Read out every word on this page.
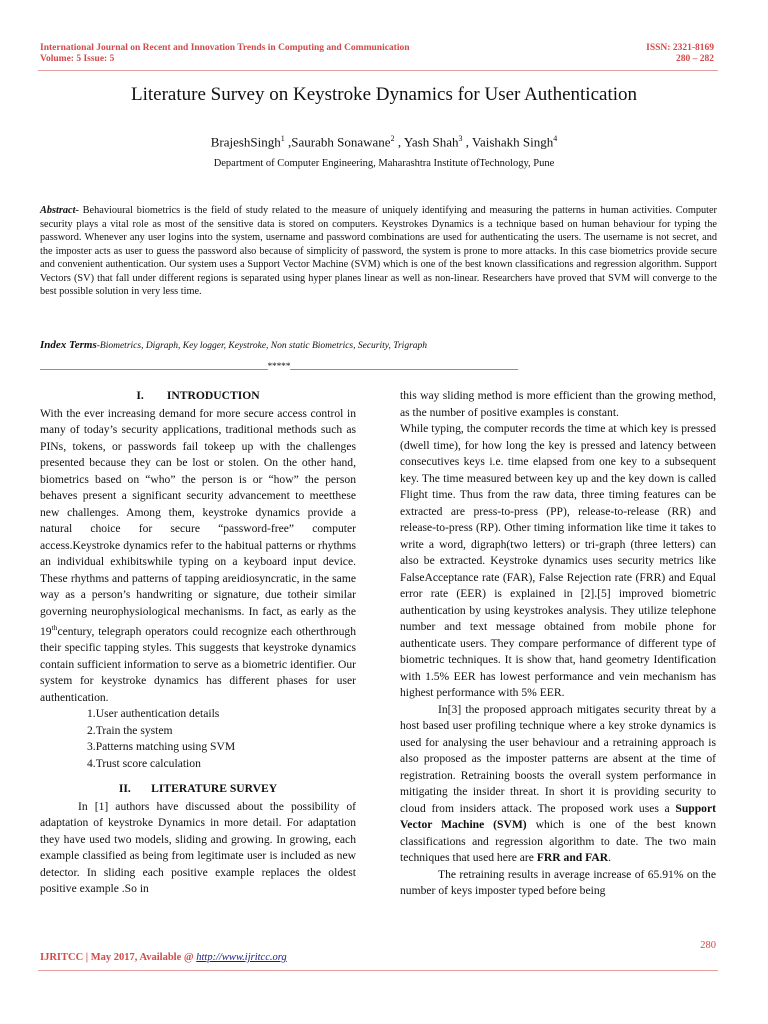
International Journal on Recent and Innovation Trends in Computing and Communication
Volume: 5 Issue: 5
ISSN: 2321-8169
280 – 282
Literature Survey on Keystroke Dynamics for User Authentication
BrajeshSingh$^1$ ,Saurabh Sonawane$^2$ , Yash Shah$^3$ , Vaishakh Singh$^4$
Department of Computer Engineering, Maharashtra Institute ofTechnology, Pune
Abstract- Behavioural biometrics is the field of study related to the measure of uniquely identifying and measuring the patterns in human activities. Computer security plays a vital role as most of the sensitive data is stored on computers. Keystrokes Dynamics is a technique based on human behaviour for typing the password. Whenever any user logins into the system, username and password combinations are used for authenticating the users. The username is not secret, and the imposter acts as user to guess the password also because of simplicity of password, the system is prone to more attacks. In this case biometrics provide secure and convenient authentication. Our system uses a Support Vector Machine (SVM) which is one of the best known classifications and regression algorithm. Support Vectors (SV) that fall under different regions is separated using hyper planes linear as well as non-linear. Researchers have proved that SVM will converge to the best possible solution in very less time.
Index Terms-Biometrics, Digraph, Key logger, Keystroke, Non static Biometrics, Security, Trigraph
__________________________________________________*****__________________________________________________

I.        INTRODUCTION

With the ever increasing demand for more secure access control in many of today’s security applications, traditional methods such as PINs, tokens, or passwords fail tokeep up with the challenges presented because they can be lost or stolen. On the other hand, biometrics based on “who” the person is or “how” the person behaves present a significant security advancement to meetthese new challenges. Among them, keystroke dynamics provide a natural choice for secure “password-free” computer access.Keystroke dynamics refer to the habitual patterns or rhythms an individual exhibitswhile typing on a keyboard input device. These rhythms and patterns of tapping areidiosyncratic, in the same way as a person’s handwriting or signature, due totheir similar governing neurophysiological mechanisms. In fact, as early as the 19thcentury, telegraph operators could recognize each otherthrough their specific tapping styles. This suggests that keystroke dynamics contain sufficient information to serve as a biometric identifier. Our system for keystroke dynamics has different phases for user authentication.

1.User authentication details

2.Train the system

3.Patterns matching using SVM

4.Trust score calculation

II.       LITERATURE SURVEY

In [1] authors have discussed about the possibility of adaptation of keystroke Dynamics in more detail. For adaptation they have used two models, sliding and growing. In growing, each example classified as being from legitimate user is included as new detector. In sliding each positive example replaces the oldest positive example .So in

this way sliding method is more efficient than the growing method, as the number of positive examples is constant.

While typing, the computer records the time at which key is pressed (dwell time), for how long the key is pressed and latency between consecutives keys i.e. time elapsed from one key to a subsequent key. The time measured between key up and the key down is called Flight time. Thus from the raw data, three timing features can be extracted are press-to-press (PP), release-to-release (RR) and release-to-press (RP). Other timing information like time it takes to write a word, digraph(two letters) or tri-graph (three letters) can also be extracted. Keystroke dynamics uses security metrics like FalseAcceptance rate (FAR), False Rejection rate (FRR) and Equal error rate (EER) is explained in [2].[5] improved biometric authentication by using keystrokes analysis. They utilize telephone number and text message obtained from mobile phone for authenticate users. They compare performance of different type of biometric techniques. It is show that, hand geometry Identification with 1.5% EER has lowest performance and vein mechanism has highest performance with 5% EER.

In[3] the proposed approach mitigates security threat by a host based user profiling technique where a key stroke dynamics is used for analysing the user behaviour and a retraining approach is also proposed as the imposter patterns are absent at the time of registration. Retraining boosts the overall system performance in mitigating the insider threat. In short it is providing security to cloud from insiders attack. The proposed work uses a Support Vector Machine (SVM) which is one of the best known classifications and regression algorithm to date. The two main techniques that used here are FRR and FAR.

The retraining results in average increase of 65.91% on the number of keys imposter typed before being

280
IJRITCC | May 2017, Available @ http://www.ijritcc.org
